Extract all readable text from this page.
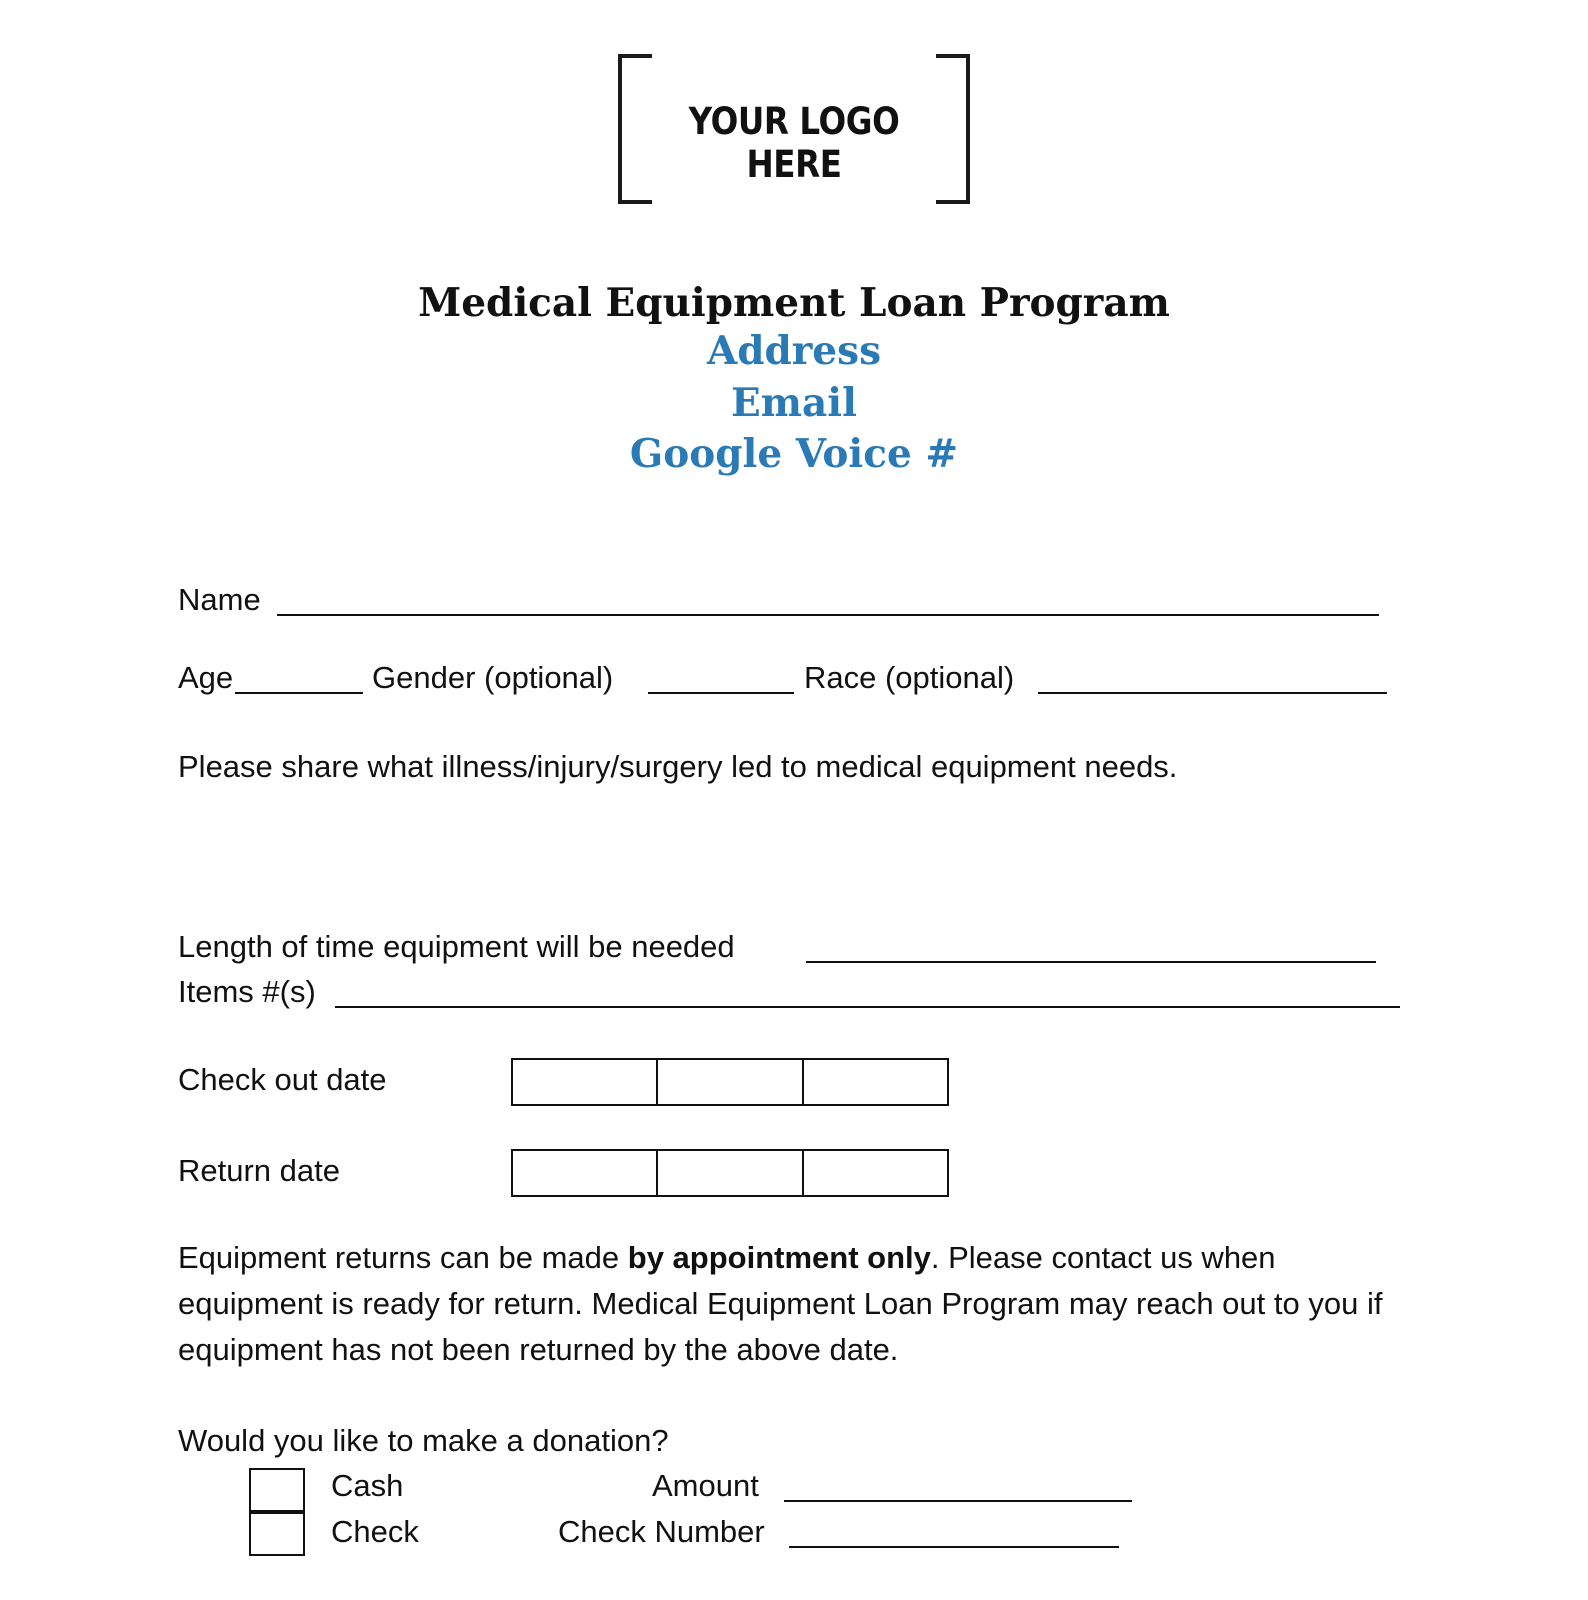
YOUR LOGO HERE
Medical Equipment Loan Program
Address
Email
Google Voice #
Name
Age	Gender (optional)	Race (optional)
Please share what illness/injury/surgery led to medical equipment needs.
Length of time equipment will be needed
Items #(s)
Check out date
Return date
Equipment returns can be made by appointment only. Please contact us when equipment is ready for return. Medical Equipment Loan Program may reach out to you if equipment has not been returned by the above date.
Would you like to make a donation?
Cash	Amount
Check	Check Number
